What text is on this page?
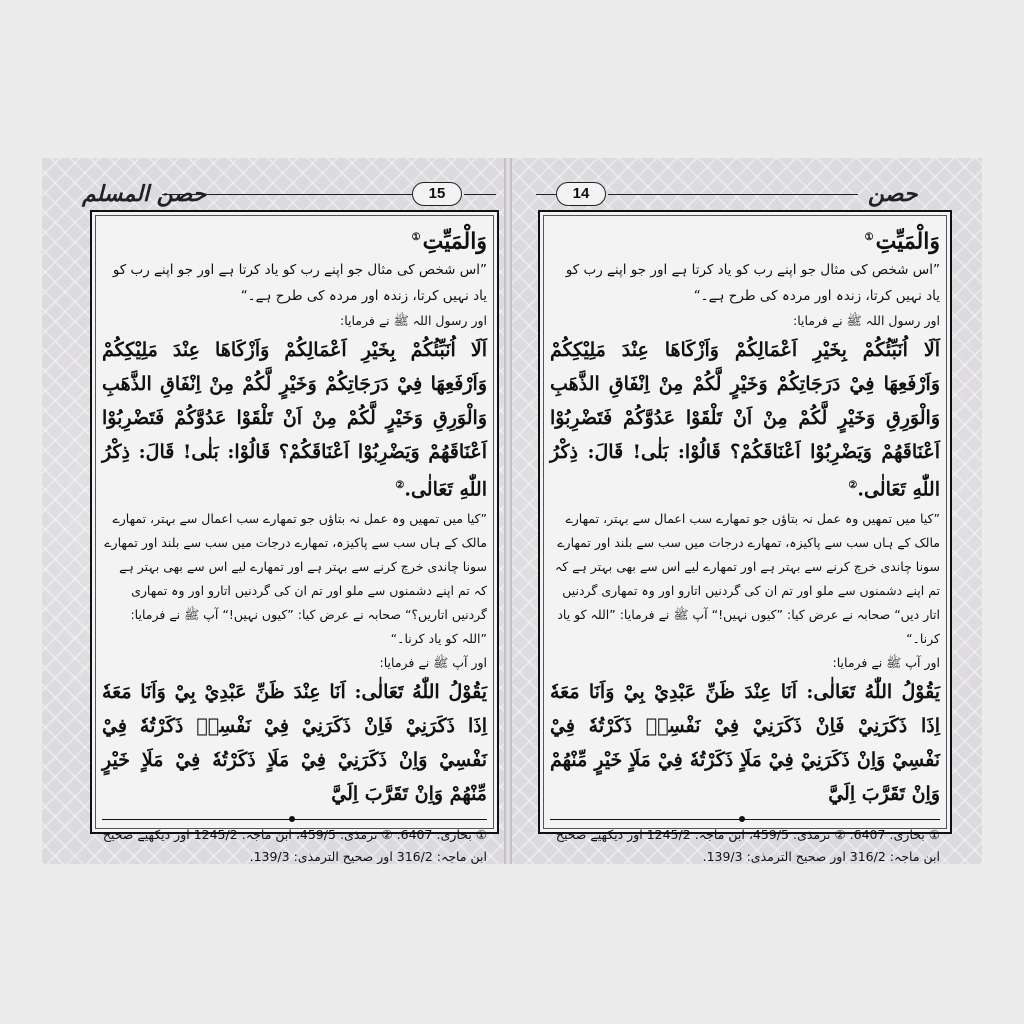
حصن المسلم	15
وَالْمَيِّتِ①
”اس شخص کی مثال جو اپنے رب کو یاد کرتا ہے اور جو اپنے رب کو یاد نہیں کرتا، زندہ اور مردہ کی طرح ہے۔“
اور رسول اللہ ﷺ نے فرمایا:
اَلَا اُنَبِّئُكُمْ بِخَيْرِ اَعْمَالِكُمْ وَاَزْكَاهَا عِنْدَ مَلِيْكِكُمْ وَاَرْفَعِهَا فِيْ دَرَجَاتِكُمْ وَخَيْرٍ لَّكُمْ مِنْ اِنْفَاقِ الذَّهَبِ وَالْوَرِقِ وَخَيْرٍ لَّكُمْ مِنْ اَنْ تَلْقَوْا عَدُوَّكُمْ فَتَضْرِبُوْا اَعْنَاقَهُمْ وَيَضْرِبُوْا اَعْنَاقَكُمْ؟ قَالُوْا: بَلٰى! قَالَ: ذِكْرُ اللّٰهِ تَعَالٰى.②
”کیا میں تمھیں وہ عمل نہ بتاؤں جو تمھارے سب اعمال سے بہتر، تمھارے مالک کے ہاں سب سے پاکیزہ، تمھارے درجات میں سب سے بلند اور تمھارے سونا چاندی خرچ کرنے سے بہتر ہے اور تمھارے لیے اس سے بھی بہتر ہے کہ تم اپنے دشمنوں سے ملو اور تم ان کی گردنیں اتارو اور وہ تمھاری گردنیں اتاریں؟“ صحابہ نے عرض کیا: ”کیوں نہیں!“ آپ ﷺ نے فرمایا: ”اللہ کو یاد کرنا۔“
اور آپ ﷺ نے فرمایا:
يَقُوْلُ اللّٰهُ تَعَالٰى: اَنَا عِنْدَ ظَنِّ عَبْدِيْ بِيْ وَاَنَا مَعَهٗ اِذَا ذَكَرَنِيْ فَاِنْ ذَكَرَنِيْ فِيْ نَفْسِهٖ ذَكَرْتُهٗ فِيْ نَفْسِيْ وَاِنْ ذَكَرَنِيْ فِيْ مَلَاٍ ذَكَرْتُهٗ فِيْ مَلَاٍ خَيْرٍ مِّنْهُمْ وَاِنْ تَقَرَّبَ اِلَيَّ
① بخاری: 6407. ② ترمذی: 459/5، ابن ماجہ: 1245/2 اور دیکھیے صحیح ابن ماجہ: 316/2 اور صحیح الترمذی: 139/3.
14	حصن
وَالْمَيِّتِ①
”اس شخص کی مثال جو اپنے رب کو یاد کرتا ہے اور جو اپنے رب کو یاد نہیں کرتا، زندہ اور مردہ کی طرح ہے۔“
اور رسول اللہ ﷺ نے فرمایا:
اَلَا اُنَبِّئُكُمْ بِخَيْرِ اَعْمَالِكُمْ وَاَزْكَاهَا عِنْدَ مَلِيْكِكُمْ وَاَرْفَعِهَا فِيْ دَرَجَاتِكُمْ وَخَيْرٍ لَّكُمْ مِنْ اِنْفَاقِ الذَّهَبِ وَالْوَرِقِ وَخَيْرٍ لَّكُمْ مِنْ اَنْ تَلْقَوْا عَدُوَّكُمْ فَتَضْرِبُوْا اَعْنَاقَهُمْ وَيَضْرِبُوْا اَعْنَاقَكُمْ؟ قَالُوْا: بَلٰى! قَالَ: ذِكْرُ اللّٰهِ تَعَالٰى.②
”کیا میں تمھیں وہ عمل نہ بتاؤں جو تمھارے سب اعمال سے بہتر، تمھارے مالک کے ہاں سب سے پاکیزہ، تمھارے درجات میں سب سے بلند اور تمھارے سونا چاندی خرچ کرنے سے بہتر ہے اور تمھارے لیے اس سے بھی بہتر ہے کہ تم اپنے دشمنوں سے ملو اور تم ان کی گردنیں اتارو اور وہ تمھاری گردنیں اتار دیں“ صحابہ نے عرض کیا: ”کیوں نہیں!“ آپ ﷺ نے فرمایا: ”اللہ کو یاد کرنا۔“
اور آپ ﷺ نے فرمایا:
يَقُوْلُ اللّٰهُ تَعَالٰى: اَنَا عِنْدَ ظَنِّ عَبْدِيْ بِيْ وَاَنَا مَعَهٗ اِذَا ذَكَرَنِيْ فَاِنْ ذَكَرَنِيْ فِيْ نَفْسِهٖ ذَكَرْتُهٗ فِيْ نَفْسِيْ وَاِنْ ذَكَرَنِيْ فِيْ مَلَاٍ ذَكَرْتُهٗ فِيْ مَلَاٍ خَيْرٍ مِّنْهُمْ وَاِنْ تَقَرَّبَ اِلَيَّ
① بخاری: 6407. ② ترمذی: 459/5، ابن ماجہ: 1245/2 اور دیکھیے صحیح ابن ماجہ: 316/2 اور صحیح الترمذی: 139/3.
